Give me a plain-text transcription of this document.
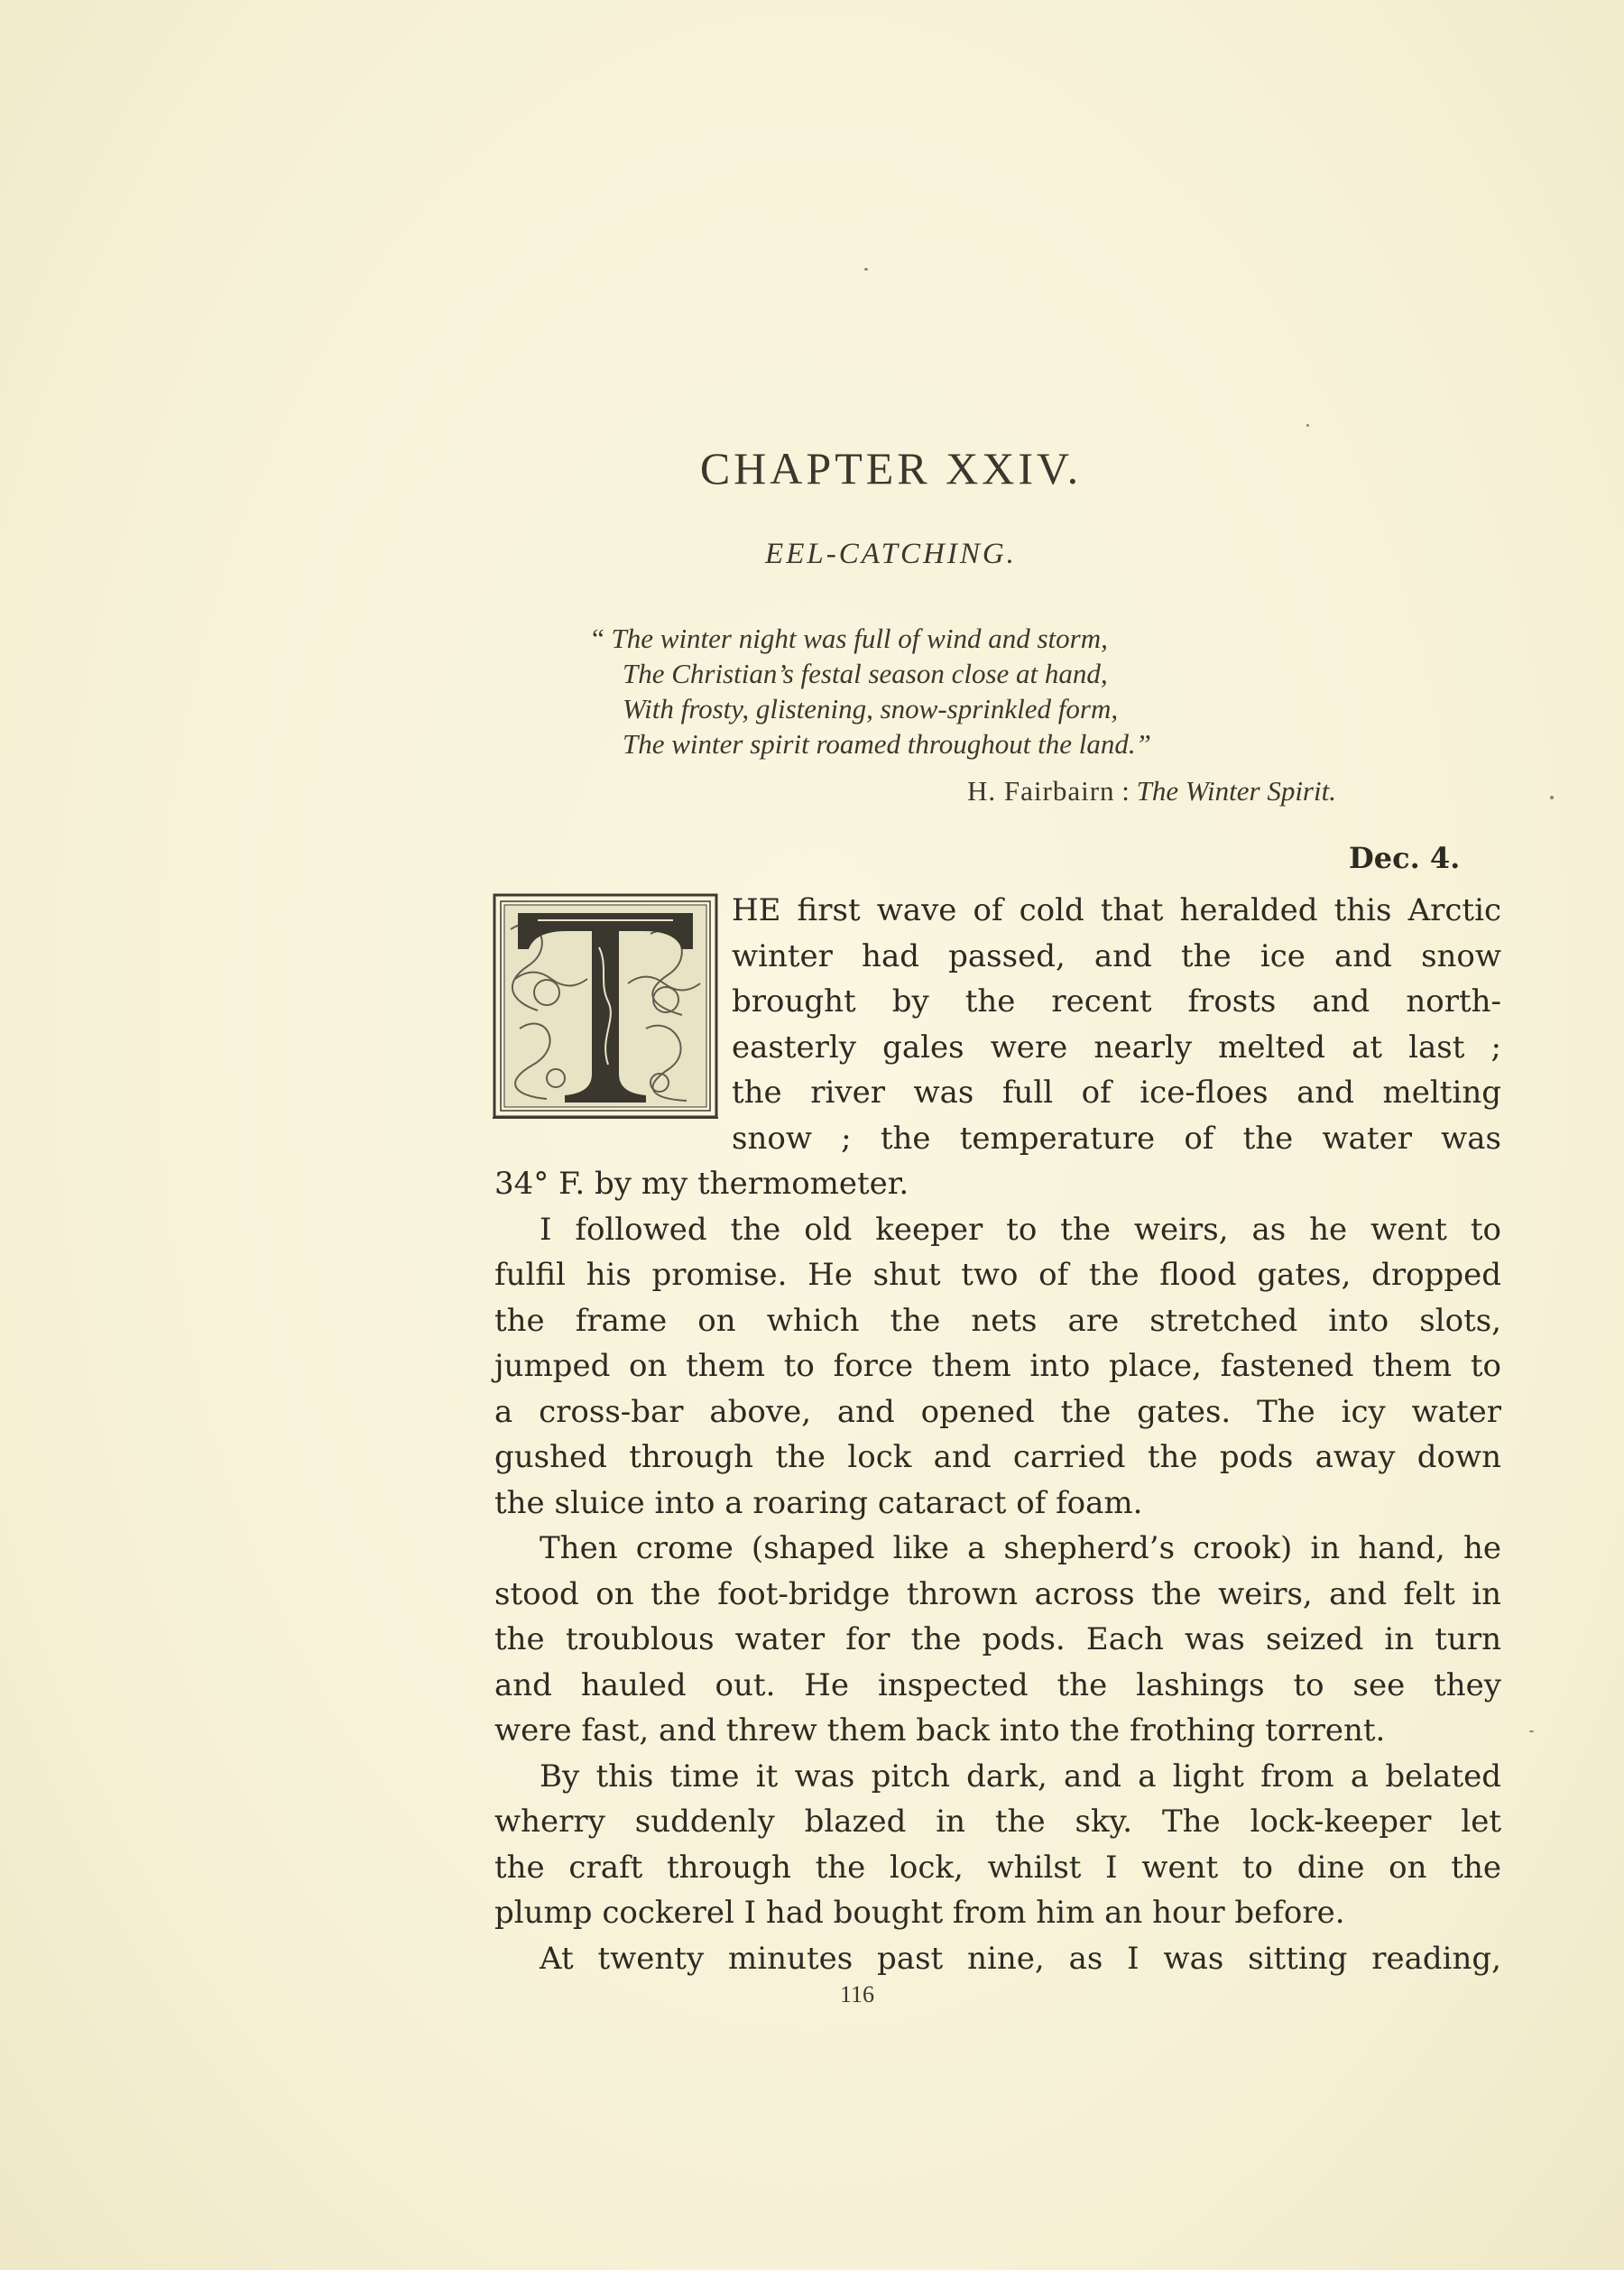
CHAPTER XXIV.
EEL-CATCHING.
“ The winter night was full of wind and storm,
The Christian’s festal season close at hand,
With frosty, glistening, snow-sprinkled form,
The winter spirit roamed throughout the land.”
H. Fairbairn : The Winter Spirit.
Dec. 4.
HE first wave of cold that heralded this Arctic
winter had passed, and the ice and snow
brought by the recent frosts and north-
easterly gales were nearly melted at last ;
the river was full of ice-floes and melting
snow ; the temperature of the water was
34° F. by my thermometer.
I followed the old keeper to the weirs, as he went to
fulfil his promise. He shut two of the flood gates, dropped
the frame on which the nets are stretched into slots,
jumped on them to force them into place, fastened them to
a cross-bar above, and opened the gates. The icy water
gushed through the lock and carried the pods away down
the sluice into a roaring cataract of foam.
Then crome (shaped like a shepherd’s crook) in hand, he
stood on the foot-bridge thrown across the weirs, and felt in
the troublous water for the pods. Each was seized in turn
and hauled out. He inspected the lashings to see they
were fast, and threw them back into the frothing torrent.
By this time it was pitch dark, and a light from a belated
wherry suddenly blazed in the sky. The lock-keeper let
the craft through the lock, whilst I went to dine on the
plump cockerel I had bought from him an hour before.
At twenty minutes past nine, as I was sitting reading,
116
